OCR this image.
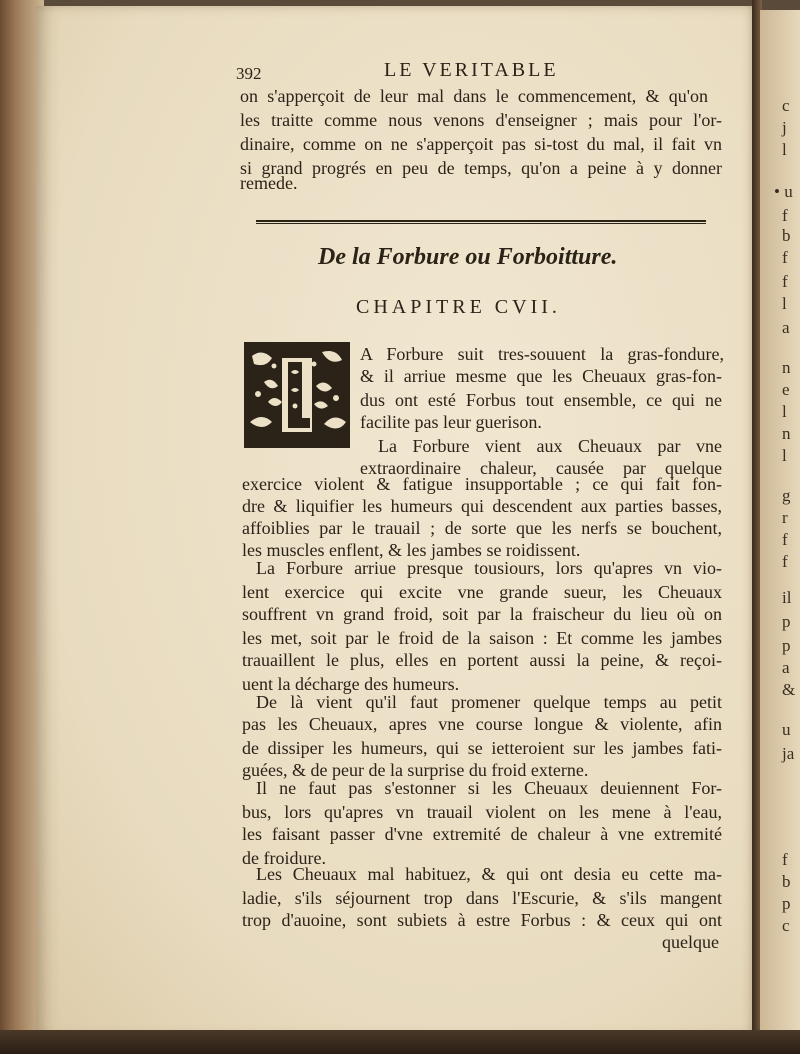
c
j
l
• u
f
b
f
f
l
a
n
e
l
n
l
g
r
f
f
il
p
p
a
&
u
ja
f
b
p
c
392	LE VERITABLE
on s'apperçoit de leur mal dans le commencement, & qu'on
les traitte comme nous venons d'enseigner ; mais pour l'or-
dinaire, comme on ne s'apperçoit pas si-tost du mal, il fait vn
si grand progrés en peu de temps, qu'on a peine à y donner
remede.
A Forbure suit tres-souuent la gras-fondure,
& il arriue mesme que les Cheuaux gras-fon-
dus ont esté Forbus tout ensemble, ce qui ne
facilite pas leur guerison.
La Forbure vient aux Cheuaux par vne
extraordinaire chaleur, causée par quelque
exercice violent & fatigue insupportable ; ce qui fait fon-
dre & liquifier les humeurs qui descendent aux parties basses,
affoiblies par le trauail ; de sorte que les nerfs se bouchent,
les muscles enflent, & les jambes se roidissent.
La Forbure arriue presque tousiours, lors qu'apres vn vio-
lent exercice qui excite vne grande sueur, les Cheuaux
souffrent vn grand froid, soit par la fraischeur du lieu où on
les met, soit par le froid de la saison : Et comme les jambes
trauaillent le plus, elles en portent aussi la peine, & reçoi-
uent la décharge des humeurs.
De là vient qu'il faut promener quelque temps au petit
pas les Cheuaux, apres vne course longue & violente, afin
de dissiper les humeurs, qui se ietteroient sur les jambes fati-
guées, & de peur de la surprise du froid externe.
Il ne faut pas s'estonner si les Cheuaux deuiennent For-
bus, lors qu'apres vn trauail violent on les mene à l'eau,
les faisant passer d'vne extremité de chaleur à vne extremité
de froidure.
Les Cheuaux mal habituez, & qui ont desia eu cette ma-
ladie, s'ils séjournent trop dans l'Escurie, & s'ils mangent
trop d'auoine, sont subiets à estre Forbus : & ceux qui ont
quelque
De la Forbure ou Forboitture.
CHAPITRE CVII.
